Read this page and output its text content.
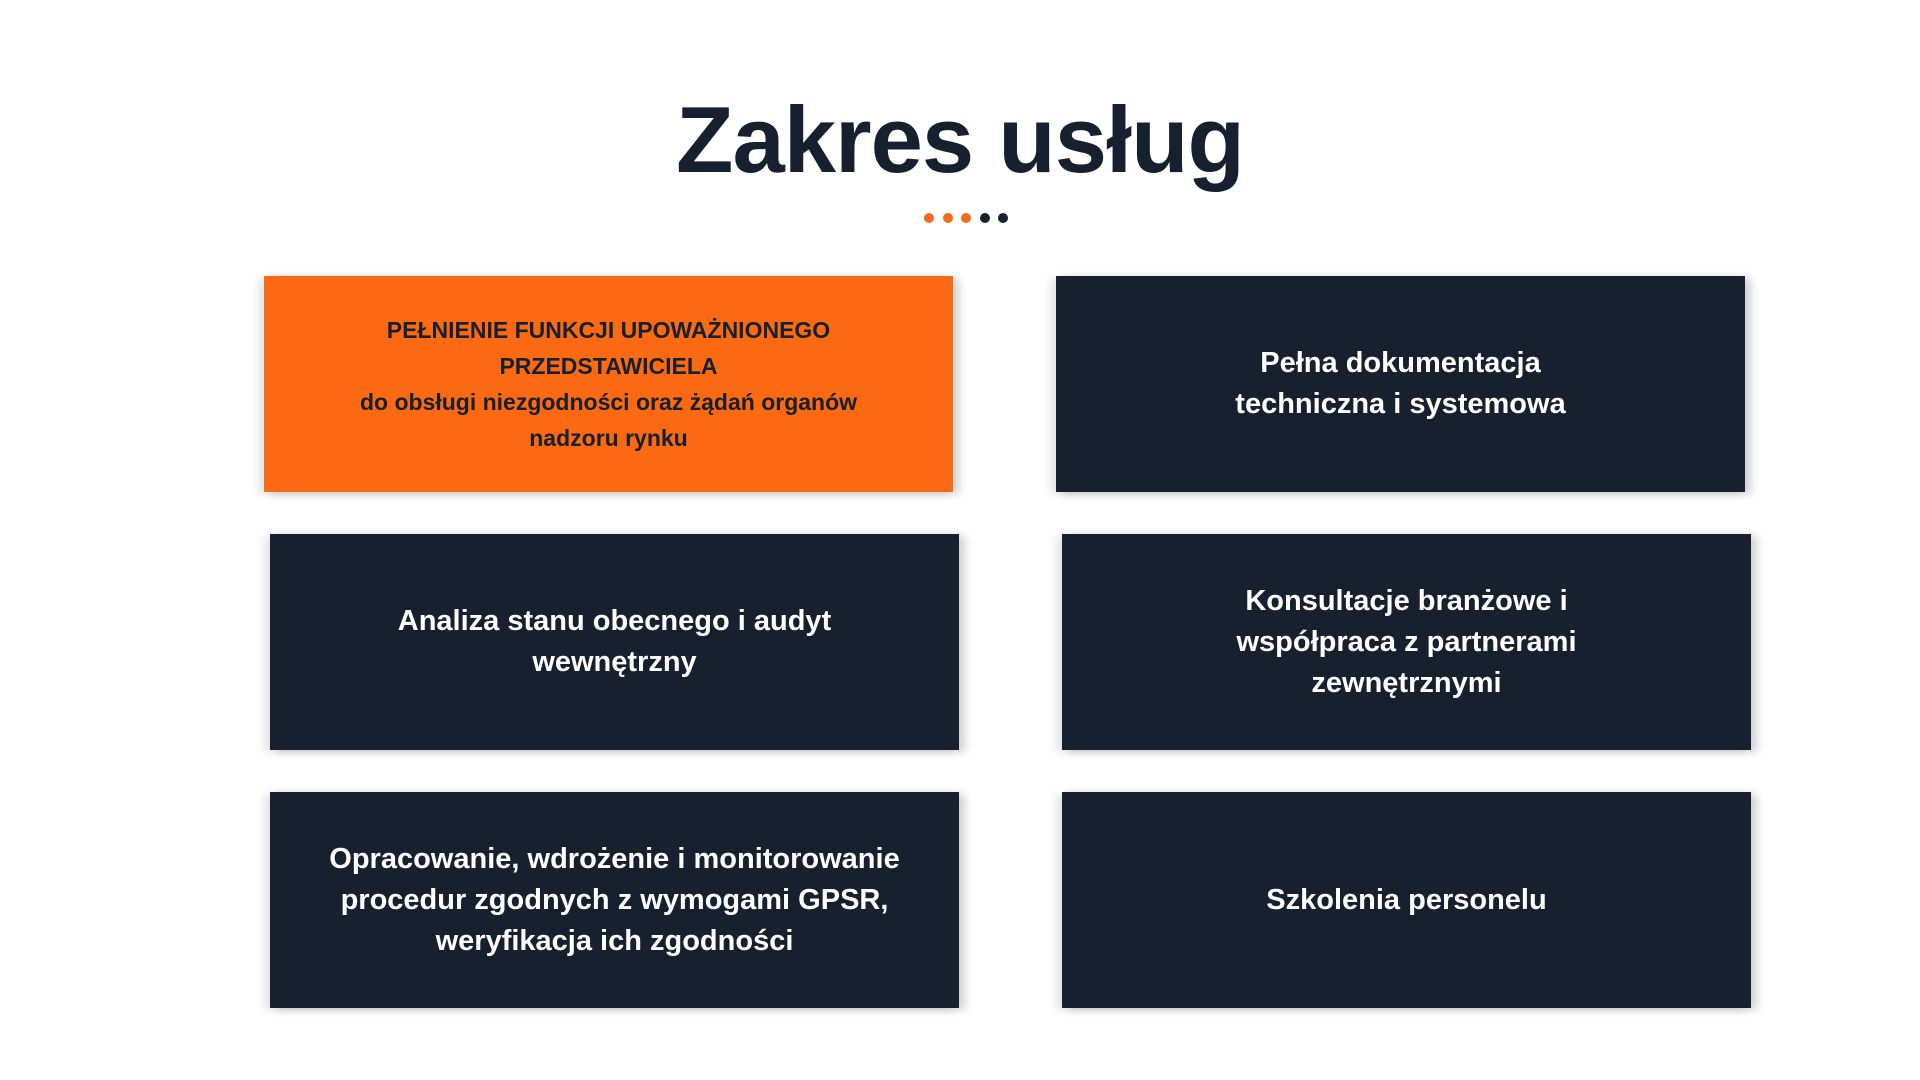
Zakres usług
PEŁNIENIE FUNKCJI UPOWAŻNIONEGO
PRZEDSTAWICIELA
do obsługi niezgodności oraz żądań organów
nadzoru rynku
Pełna dokumentacja
techniczna i systemowa
Analiza stanu obecnego i audyt
wewnętrzny
Konsultacje branżowe i
współpraca z partnerami
zewnętrznymi
Opracowanie, wdrożenie i monitorowanie
procedur zgodnych z wymogami GPSR,
weryfikacja ich zgodności
Szkolenia personelu
